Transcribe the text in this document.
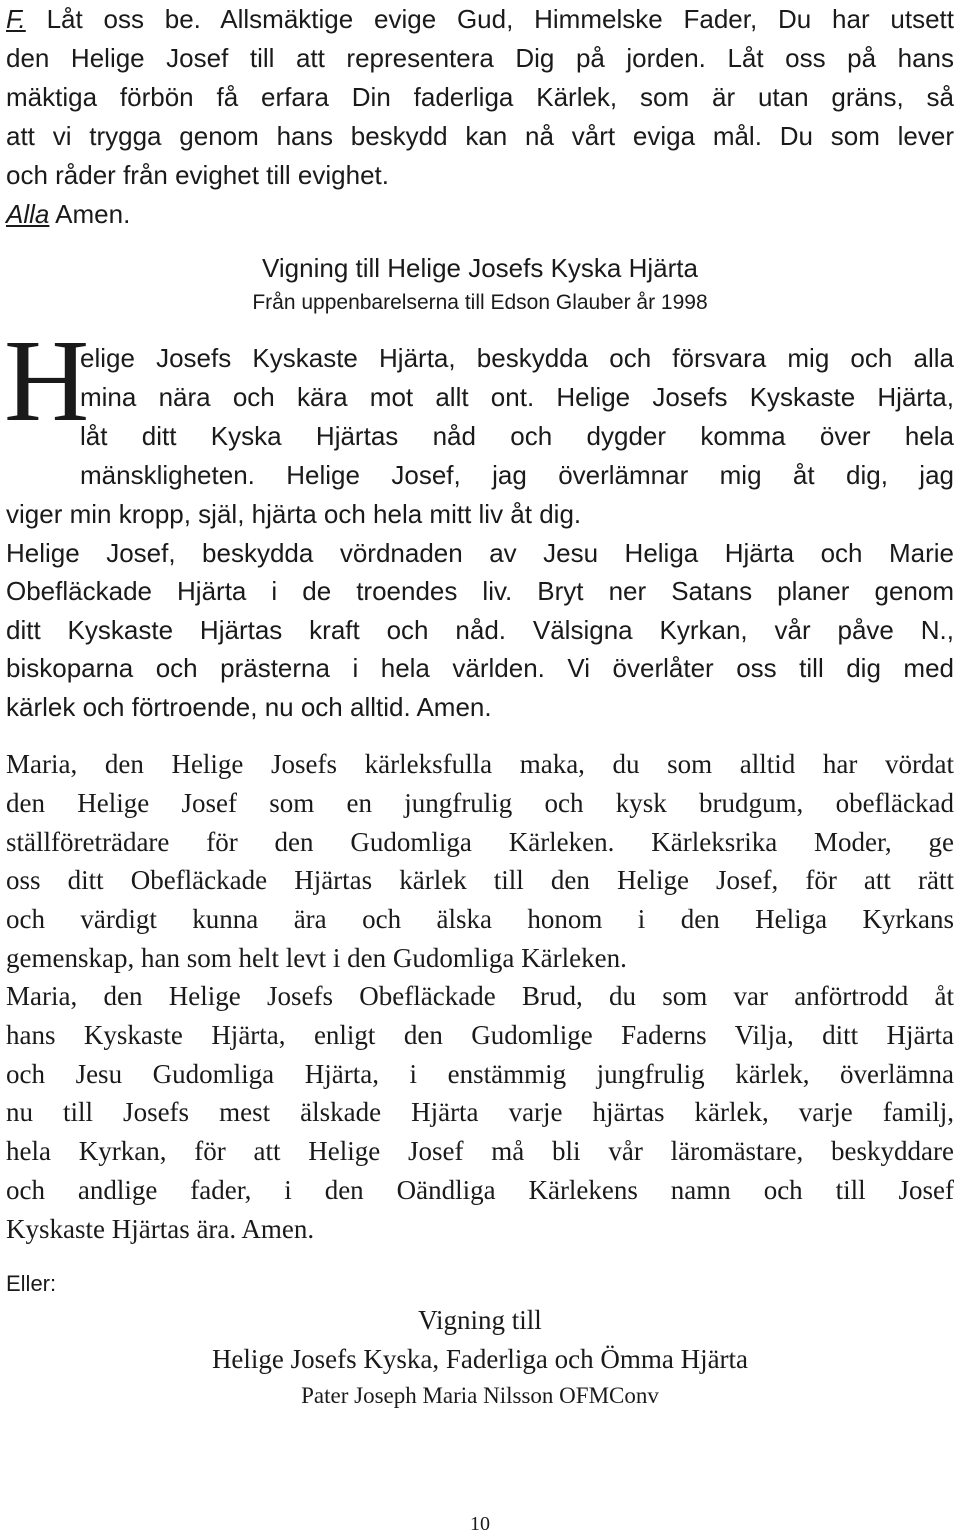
F. Låt oss be. Allsmäktige evige Gud, Himmelske Fader, Du har utsett
den Helige Josef till att representera Dig på jorden. Låt oss på hans
mäktiga förbön få erfara Din faderliga Kärlek, som är utan gräns, så
att vi trygga genom hans beskydd kan nå vårt eviga mål. Du som lever
och råder från evighet till evighet.
Alla Amen.
Vigning till Helige Josefs Kyska Hjärta
Från uppenbarelserna till Edson Glauber år 1998
H
elige Josefs Kyskaste Hjärta, beskydda och försvara mig och alla
mina nära och kära mot allt ont. Helige Josefs Kyskaste Hjärta,
låt ditt Kyska Hjärtas nåd och dygder komma över hela
mänskligheten. Helige Josef, jag överlämnar mig åt dig, jag
viger min kropp, själ, hjärta och hela mitt liv åt dig.
Helige Josef, beskydda vördnaden av Jesu Heliga Hjärta och Marie
Obefläckade Hjärta i de troendes liv. Bryt ner Satans planer genom
ditt Kyskaste Hjärtas kraft och nåd. Välsigna Kyrkan, vår påve N.,
biskoparna och prästerna i hela världen. Vi överlåter oss till dig med
kärlek och förtroende, nu och alltid. Amen.
Maria, den Helige Josefs kärleksfulla maka, du som alltid har vördat
den Helige Josef som en jungfrulig och kysk brudgum, obefläckad
ställföreträdare för den Gudomliga Kärleken. Kärleksrika Moder, ge
oss ditt Obefläckade Hjärtas kärlek till den Helige Josef, för att rätt
och värdigt kunna ära och älska honom i den Heliga Kyrkans
gemenskap, han som helt levt i den Gudomliga Kärleken.
Maria, den Helige Josefs Obefläckade Brud, du som var anförtrodd åt
hans Kyskaste Hjärta, enligt den Gudomlige Faderns Vilja, ditt Hjärta
och Jesu Gudomliga Hjärta, i enstämmig jungfrulig kärlek, överlämna
nu till Josefs mest älskade Hjärta varje hjärtas kärlek, varje familj,
hela Kyrkan, för att Helige Josef må bli vår läromästare, beskyddare
och andlige fader, i den Oändliga Kärlekens namn och till Josef
Kyskaste Hjärtas ära. Amen.
Eller:
Vigning till
Helige Josefs Kyska, Faderliga och Ömma Hjärta
Pater Joseph Maria Nilsson OFMConv
10
